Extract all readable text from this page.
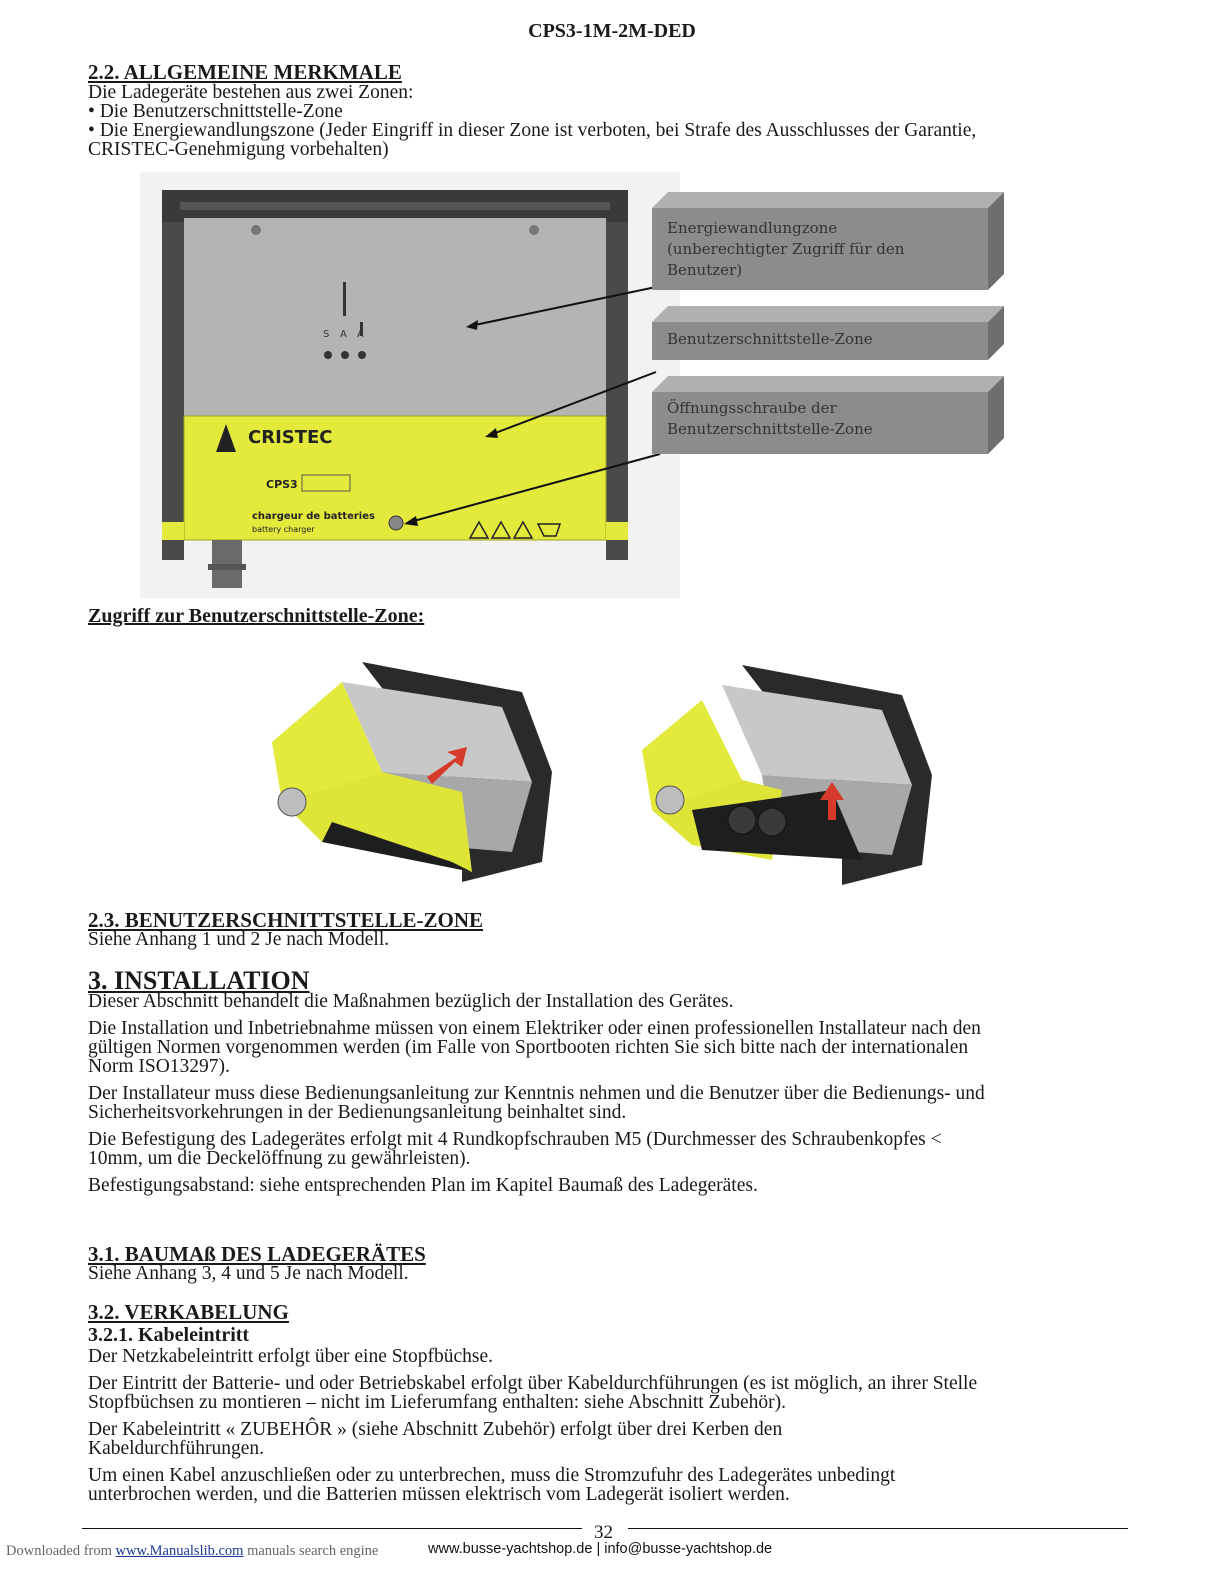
CPS3-1M-2M-DED
2.2. ALLGEMEINE MERKMALE
Die Ladegeräte bestehen aus zwei Zonen:
• Die Benutzerschnittstelle-Zone
• Die Energiewandlungszone (Jeder Eingriff in dieser Zone ist verboten, bei Strafe des Ausschlusses der Garantie,
CRISTEC-Genehmigung vorbehalten)
S A A
CRISTEC
CPS3
chargeur de batteries
battery charger
Energiewandlungzone
(unberechtigter Zugriff für den
Benutzer)
Benutzerschnittstelle-Zone
Öffnungsschraube der
Benutzerschnittstelle-Zone
Zugriff zur Benutzerschnittstelle-Zone:
2.3. BENUTZERSCHNITTSTELLE-ZONE
Siehe Anhang 1 und 2 Je nach Modell.
3. INSTALLATION
Dieser Abschnitt behandelt die Maßnahmen bezüglich der Installation des Gerätes.
Die Installation und Inbetriebnahme müssen von einem Elektriker oder einen professionellen Installateur nach den
gültigen Normen vorgenommen werden (im Falle von Sportbooten richten Sie sich bitte nach der internationalen
Norm ISO13297).
Der Installateur muss diese Bedienungsanleitung zur Kenntnis nehmen und die Benutzer über die Bedienungs- und
Sicherheitsvorkehrungen in der Bedienungsanleitung beinhaltet sind.
Die Befestigung des Ladegerätes erfolgt mit 4 Rundkopfschrauben M5 (Durchmesser des Schraubenkopfes <
10mm, um die Deckelöffnung zu gewährleisten).
Befestigungsabstand: siehe entsprechenden Plan im Kapitel Baumaß des Ladegerätes.
3.1. BAUMAß DES LADEGERÄTES
Siehe Anhang 3, 4 und 5 Je nach Modell.
3.2. VERKABELUNG
3.2.1. Kabeleintritt
Der Netzkabeleintritt erfolgt über eine Stopfbüchse.
Der Eintritt der Batterie- und oder Betriebskabel erfolgt über Kabeldurchführungen (es ist möglich, an ihrer Stelle
Stopfbüchsen zu montieren – nicht im Lieferumfang enthalten: siehe Abschnitt Zubehör).
Der Kabeleintritt « ZUBEHÔR » (siehe Abschnitt Zubehör) erfolgt über drei Kerben den
Kabeldurchführungen.
Um einen Kabel anzuschließen oder zu unterbrechen, muss die Stromzufuhr des Ladegerätes unbedingt
unterbrochen werden, und die Batterien müssen elektrisch vom Ladegerät isoliert werden.
32
Downloaded from www.Manualslib.com manuals search engine	www.busse-yachtshop.de | info@busse-yachtshop.de
